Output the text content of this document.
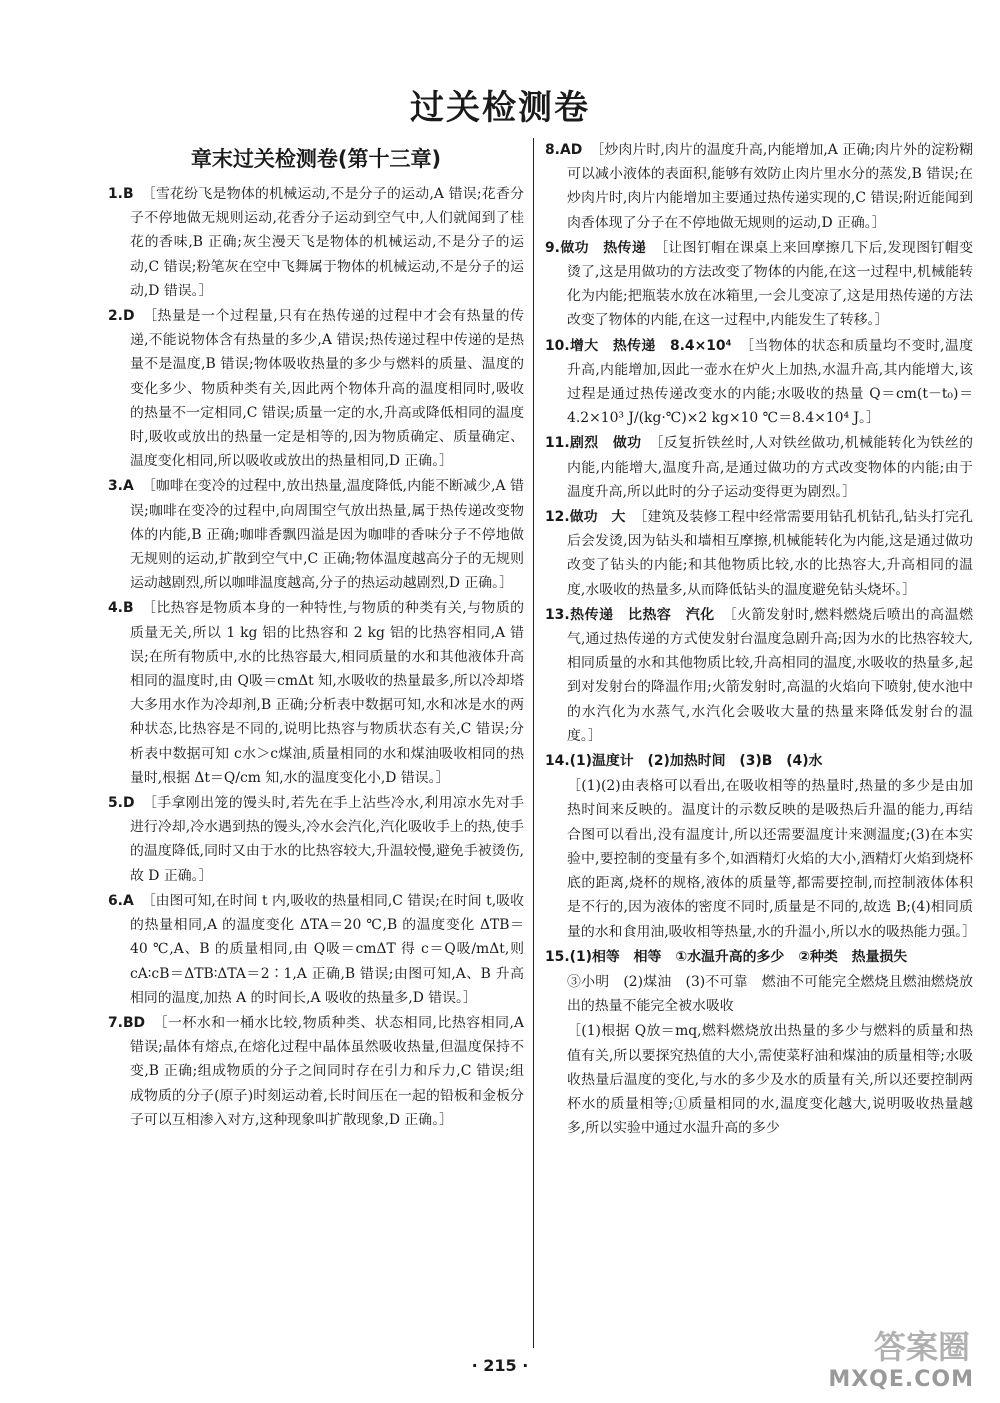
过关检测卷
章末过关检测卷(第十三章)
1.B ［雪花纷飞是物体的机械运动,不是分子的运动,A 错误;花香分子不停地做无规则运动,花香分子运动到空气中,人们就闻到了桂花的香味,B 正确;灰尘漫天飞是物体的机械运动,不是分子的运动,C 错误;粉笔灰在空中飞舞属于物体的机械运动,不是分子的运动,D 错误。］
2.D ［热量是一个过程量,只有在热传递的过程中才会有热量的传递,不能说物体含有热量的多少,A 错误;热传递过程中传递的是热量不是温度,B 错误;物体吸收热量的多少与燃料的质量、温度的变化多少、物质种类有关,因此两个物体升高的温度相同时,吸收的热量不一定相同,C 错误;质量一定的水,升高或降低相同的温度时,吸收或放出的热量一定是相等的,因为物质确定、质量确定、温度变化相同,所以吸收或放出的热量相同,D 正确。］
3.A ［咖啡在变冷的过程中,放出热量,温度降低,内能不断减少,A 错误;咖啡在变冷的过程中,向周围空气放出热量,属于热传递改变物体的内能,B 正确;咖啡香飘四溢是因为咖啡的香味分子不停地做无规则的运动,扩散到空气中,C 正确;物体温度越高分子的无规则运动越剧烈,所以咖啡温度越高,分子的热运动越剧烈,D 正确。］
4.B ［比热容是物质本身的一种特性,与物质的种类有关,与物质的质量无关,所以 1 kg 铝的比热容和 2 kg 铝的比热容相同,A 错误;在所有物质中,水的比热容最大,相同质量的水和其他液体升高相同的温度时,由 Q吸＝cmΔt 知,水吸收的热量最多,所以冷却塔大多用水作为冷却剂,B 正确;分析表中数据可知,水和冰是水的两种状态,比热容是不同的,说明比热容与物质状态有关,C 错误;分析表中数据可知 c水＞c煤油,质量相同的水和煤油吸收相同的热量时,根据 Δt＝Q/cm 知,水的温度变化小,D 错误。］
5.D ［手拿刚出笼的馒头时,若先在手上沾些冷水,利用凉水先对手进行冷却,冷水遇到热的馒头,冷水会汽化,汽化吸收手上的热,使手的温度降低,同时又由于水的比热容较大,升温较慢,避免手被烫伤,故 D 正确。］
6.A ［由图可知,在时间 t 内,吸收的热量相同,C 错误;在时间 t,吸收的热量相同,A 的温度变化 ΔTA＝20 ℃,B 的温度变化 ΔTB＝40 ℃,A、B 的质量相同,由 Q吸＝cmΔT 得 c＝Q吸/mΔt,则 cA∶cB＝ΔTB∶ΔTA＝2∶1,A 正确,B 错误;由图可知,A、B 升高相同的温度,加热 A 的时间长,A 吸收的热量多,D 错误。］
7.BD ［一杯水和一桶水比较,物质种类、状态相同,比热容相同,A 错误;晶体有熔点,在熔化过程中晶体虽然吸收热量,但温度保持不变,B 正确;组成物质的分子之间同时存在引力和斥力,C 错误;组成物质的分子(原子)时刻运动着,长时间压在一起的铅板和金板分子可以互相渗入对方,这种现象叫扩散现象,D 正确。］
8.AD ［炒肉片时,肉片的温度升高,内能增加,A 正确;肉片外的淀粉糊可以减小液体的表面积,能够有效防止肉片里水分的蒸发,B 错误;在炒肉片时,肉片内能增加主要通过热传递实现的,C 错误;附近能闻到肉香体现了分子在不停地做无规则的运动,D 正确。］
9.做功　热传递 ［让图钉帽在课桌上来回摩擦几下后,发现图钉帽变烫了,这是用做功的方法改变了物体的内能,在这一过程中,机械能转化为内能;把瓶装水放在冰箱里,一会儿变凉了,这是用热传递的方法改变了物体的内能,在这一过程中,内能发生了转移。］
10.增大　热传递　8.4×10⁴ ［当物体的状态和质量均不变时,温度升高,内能增加,因此一壶水在炉火上加热,水温升高,其内能增大,该过程是通过热传递改变水的内能;水吸收的热量 Q＝cm(t－t₀)＝4.2×10³ J/(kg·℃)×2 kg×10 ℃＝8.4×10⁴ J。］
11.剧烈　做功 ［反复折铁丝时,人对铁丝做功,机械能转化为铁丝的内能,内能增大,温度升高,是通过做功的方式改变物体的内能;由于温度升高,所以此时的分子运动变得更为剧烈。］
12.做功　大 ［建筑及装修工程中经常需要用钻孔机钻孔,钻头打完孔后会发烫,因为钻头和墙相互摩擦,机械能转化为内能,这是通过做功改变了钻头的内能;和其他物质比较,水的比热容大,升高相同的温度,水吸收的热量多,从而降低钻头的温度避免钻头烧坏。］
13.热传递　比热容　汽化 ［火箭发射时,燃料燃烧后喷出的高温燃气,通过热传递的方式使发射台温度急剧升高;因为水的比热容较大,相同质量的水和其他物质比较,升高相同的温度,水吸收的热量多,起到对发射台的降温作用;火箭发射时,高温的火焰向下喷射,使水池中的水汽化为水蒸气,水汽化会吸收大量的热量来降低发射台的温度。］
14.(1)温度计　(2)加热时间　(3)B　(4)水
［(1)(2)由表格可以看出,在吸收相等的热量时,热量的多少是由加热时间来反映的。温度计的示数反映的是吸热后升温的能力,再结合图可以看出,没有温度计,所以还需要温度计来测温度;(3)在本实验中,要控制的变量有多个,如酒精灯火焰的大小,酒精灯火焰到烧杯底的距离,烧杯的规格,液体的质量等,都需要控制,而控制液体体积是不行的,因为液体的密度不同时,质量是不同的,故选 B;(4)相同质量的水和食用油,吸收相等热量,水的升温小,所以水的吸热能力强。］
15.(1)相等　相等　①水温升高的多少　②种类　热量损失
③小明　(2)煤油　(3)不可靠　燃油不可能完全燃烧且燃油燃烧放出的热量不能完全被水吸收
［(1)根据 Q放＝mq,燃料燃烧放出热量的多少与燃料的质量和热值有关,所以要探究热值的大小,需使菜籽油和煤油的质量相等;水吸收热量后温度的变化,与水的多少及水的质量有关,所以还要控制两杯水的质量相等;①质量相同的水,温度变化越大,说明吸收热量越多,所以实验中通过水温升高的多少
· 215 ·	答案圈
MXQE.COM
